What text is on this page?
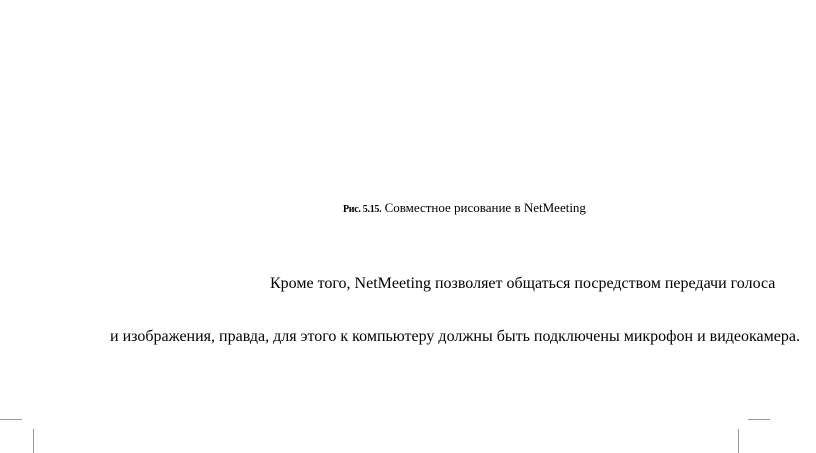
Рис. 5.15. Совместное рисование в NetMeeting
Кроме того, NetMeeting позволяет общаться посредством передачи голоса
и изображения, правда, для этого к компьютеру должны быть подключены микрофон и видеокамера.
